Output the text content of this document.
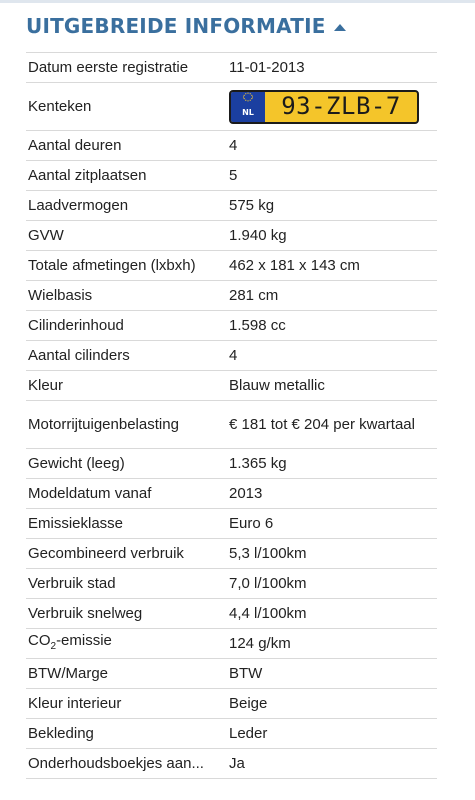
UITGEBREIDE INFORMATIE
Datum eerste registratie	11-01-2013
Kenteken	NL	93-ZLB-7
Aantal deuren	4
Aantal zitplaatsen	5
Laadvermogen	575 kg
GVW	1.940 kg
Totale afmetingen (lxbxh)	462 x 181 x 143 cm
Wielbasis	281 cm
Cilinderinhoud	1.598 cc
Aantal cilinders	4
Kleur	Blauw metallic
Motorrijtuigenbelasting	€ 181 tot € 204 per kwartaal
Gewicht (leeg)	1.365 kg
Modeldatum vanaf	2013
Emissieklasse	Euro 6
Gecombineerd verbruik	5,3 l/100km
Verbruik stad	7,0 l/100km
Verbruik snelweg	4,4 l/100km
$CO_2$-emissie	124 g/km
BTW/Marge	BTW
Kleur interieur	Beige
Bekleding	Leder
Onderhoudsboekjes aan...	Ja
